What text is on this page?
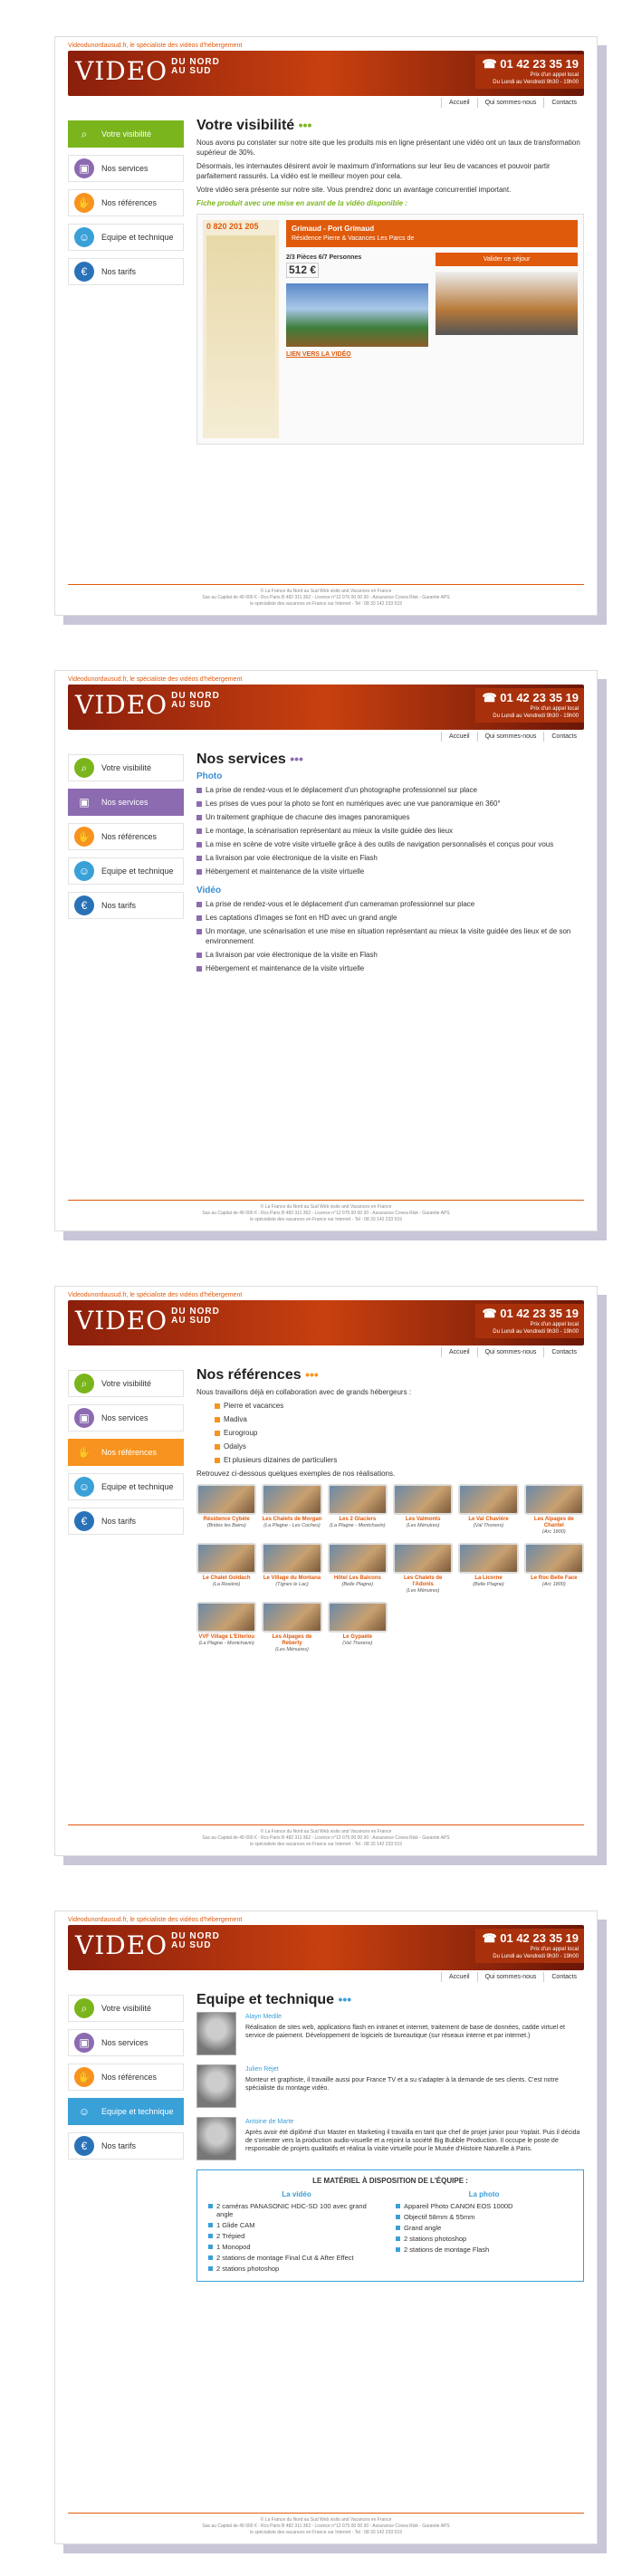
Videodunordausud.fr, le spécialiste des vidéos d'hébergement
VIDEO DU NORD
AU SUD
☎ 01 42 23 35 19
Prix d'un appel local
Du Lundi au Vendredi 9h30 - 19h00
Accueil	Qui sommes-nous	Contacts
⌕	Votre visibilité
▣	Nos services
✋	Nos références
☺	Equipe et technique
€	Nos tarifs
Votre visibilité •••

Nous avons pu constater sur notre site que les produits mis en ligne présentant une vidéo ont un taux de transformation supérieur de 30%.

Désormais, les internautes désirent avoir le maximum d'informations sur leur lieu de vacances et pouvoir partir parfaitement rassurés. La vidéo est le meilleur moyen pour cela.

Votre vidéo sera présente sur notre site. Vous prendrez donc un avantage concurrentiel important.

Fiche produit avec une mise en avant de la vidéo disponible :

0 820 201 205	Grimaud - Port Grimaud
Résidence Pierre & Vacances Les Parcs de
2/3 Pièces 6/7 Personnes
512 €
LIEN VERS LA VIDÉO
Valider ce séjour
© La France du Nord au Sud Web visits and Vacances en France
Sas au Capital de 40 000 € - Rcs Paris B 482 311 362 - Licence n°12 075 00 00 30 - Assurance Covea Risk - Garantie APS
le spécialiste des vacances en France sur Internet - Tel : 08 33 142 233 519
Videodunordausud.fr, le spécialiste des vidéos d'hébergement
VIDEO DU NORD
AU SUD
☎ 01 42 23 35 19
Prix d'un appel local
Du Lundi au Vendredi 9h30 - 19h00
Accueil	Qui sommes-nous	Contacts
⌕	Votre visibilité
▣	Nos services
✋	Nos références
☺	Equipe et technique
€	Nos tarifs
Nos services •••
Photo
La prise de rendez-vous et le déplacement d'un photographe professionnel sur place
Les prises de vues pour la photo se font en numériques avec une vue panoramique en 360°
Un traitement graphique de chacune des images panoramiques
Le montage, la scénarisation représentant au mieux la visite guidée des lieux
La mise en scène de votre visite virtuelle grâce à des outils de navigation personnalisés et conçus pour vous
La livraison par voie électronique de la visite en Flash
Hébergement et maintenance de la visite virtuelle
Vidéo
La prise de rendez-vous et le déplacement d'un cameraman professionnel sur place
Les captations d'images se font en HD avec un grand angle
Un montage, une scénarisation et une mise en situation représentant au mieux la visite guidée des lieux et de son environnement
La livraison par voie électronique de la visite en Flash
Hébergement et maintenance de la visite virtuelle
© La France du Nord au Sud Web visits and Vacances en France
Sas au Capital de 40 000 € - Rcs Paris B 482 311 362 - Licence n°12 075 00 00 30 - Assurance Covea Risk - Garantie APS
le spécialiste des vacances en France sur Internet - Tel : 08 33 142 233 519
Videodunordausud.fr, le spécialiste des vidéos d'hébergement
VIDEO DU NORD
AU SUD
☎ 01 42 23 35 19
Prix d'un appel local
Du Lundi au Vendredi 9h30 - 19h00
Accueil	Qui sommes-nous	Contacts
⌕	Votre visibilité
▣	Nos services
✋	Nos références
☺	Equipe et technique
€	Nos tarifs
Nos références •••

Nous travaillons déjà en collaboration avec de grands hébergeurs :

Pierre et vacances
Madiva
Eurogroup
Odalys
Et plusieurs dizaines de particuliers

Retrouvez ci-dessous quelques exemples de nos réalisations.

Résidence Cybèle
(Brides les Bains)
Les Chalets de Morgan
(La Plagne - Les Coches)
Les 2 Glaciers
(La Plagne - Montchavin)
Les Valmonts
(Les Ménuires)
Le Val Chavière
(Val Thorens)
Les Alpages de Chantel
(Arc 1800)
Le Chalet Goldach
(La Rosière)
Le Village du Montana
(Tignes le Lac)
Hôtel Les Balcons
(Belle Plagne)
Les Chalets de l'Adonis
(Les Ménuires)
La Licorne
(Belle Plagne)
Le Roc Belle Face
(Arc 1800)
VVF Village L'Eiterlou
(La Plagne - Montchavin)
Les Alpages de Reberty
(Les Ménuires)
Le Gypaète
(Val Thorens)
© La France du Nord au Sud Web visits and Vacances en France
Sas au Capital de 40 000 € - Rcs Paris B 482 311 362 - Licence n°12 075 00 00 30 - Assurance Covea Risk - Garantie APS
le spécialiste des vacances en France sur Internet - Tel : 08 33 142 233 519
Videodunordausud.fr, le spécialiste des vidéos d'hébergement
VIDEO DU NORD
AU SUD
☎ 01 42 23 35 19
Prix d'un appel local
Du Lundi au Vendredi 9h30 - 19h00
Accueil	Qui sommes-nous	Contacts
⌕	Votre visibilité
▣	Nos services
✋	Nos références
☺	Equipe et technique
€	Nos tarifs
Equipe et technique •••
Alayn Medile
Réalisation de sites web, applications flash en intranet et internet, traitement de base de données, cadde virtuel et service de paiement. Développement de logiciels de bureautique (sur réseaux interne et par internet.)
Julien Réjet
Monteur et graphiste, il travaille aussi pour France TV et a su s'adapter à la demande de ses clients. C'est notre spécialiste du montage vidéo.
Antoine de Marte
Après avoir été diplômé d'un Master en Marketing il travailla en tant que chef de projet junior pour Yoplait. Puis il décida de s'orienter vers la production audio-visuelle et a rejoint la société Big Bubble Production. Il occupe le poste de responsable de projets qualitatifs et réalisa la visite virtuelle pour le Musée d'Histoire Naturelle à Paris.
LE MATÉRIEL À DISPOSITION DE L'ÉQUIPE :
La vidéo
2 caméras PANASONIC HDC-SD 100 avec grand angle
1 Glide CAM
2 Trépied
1 Monopod
2 stations de montage Final Cut & After Effect
2 stations photoshop
La photo
Appareil Photo CANON EOS 1000D
Objectif 58mm & 55mm
Grand angle
2 stations photoshop
2 stations de montage Flash
© La France du Nord au Sud Web visits and Vacances en France
Sas au Capital de 40 000 € - Rcs Paris B 482 311 362 - Licence n°12 075 00 00 30 - Assurance Covea Risk - Garantie APS
le spécialiste des vacances en France sur Internet - Tel : 08 33 142 233 519
